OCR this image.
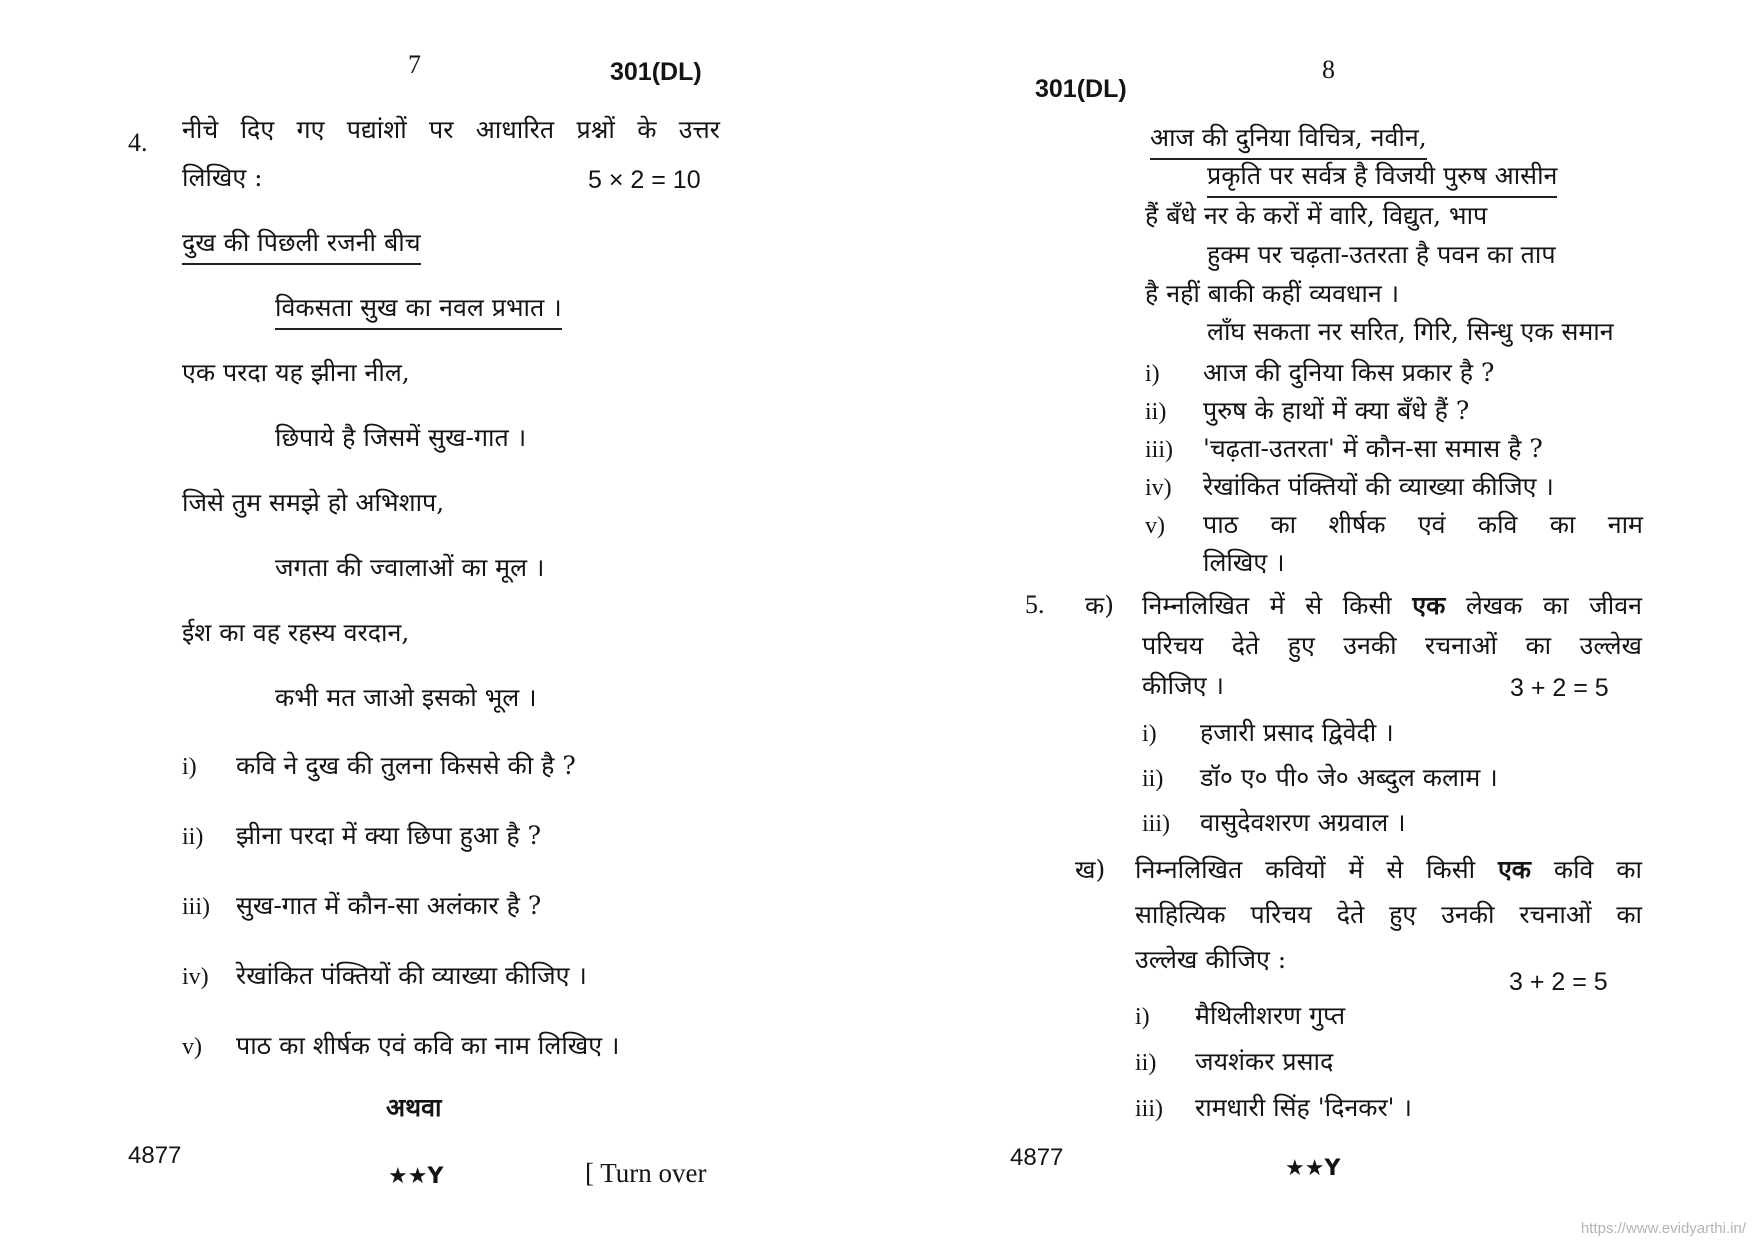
7	301(DL)
4. नीचे दिए गए पद्यांशों पर आधारित प्रश्नों के उत्तर
लिखिए :	5 × 2 = 10
दुख की पिछली रजनी बीच
विकसता सुख का नवल प्रभात ।
एक परदा यह झीना नील,
छिपाये है जिसमें सुख-गात ।
जिसे तुम समझे हो अभिशाप,
जगता की ज्वालाओं का मूल ।
ईश का वह रहस्य वरदान,
कभी मत जाओ इसको भूल ।
i)	कवि ने दुख की तुलना किससे की है ?
ii)	झीना परदा में क्या छिपा हुआ है ?
iii)	सुख-गात में कौन-सा अलंकार है ?
iv)	रेखांकित पंक्तियों की व्याख्या कीजिए ।
v)	पाठ का शीर्षक एवं कवि का नाम लिखिए ।
अथवा
4877
★★Y	[ Turn over
301(DL)
8
आज की दुनिया विचित्र, नवीन,
प्रकृति पर सर्वत्र है विजयी पुरुष आसीन
हैं बँधे नर के करों में वारि, विद्युत, भाप
हुक्म पर चढ़ता-उतरता है पवन का ताप
है नहीं बाकी कहीं व्यवधान ।
लाँघ सकता नर सरित, गिरि, सिन्धु एक समान
i)	आज की दुनिया किस प्रकार है ?
ii)	पुरुष के हाथों में क्या बँधे हैं ?
iii)	'चढ़ता-उतरता' में कौन-सा समास है ?
iv)	रेखांकित पंक्तियों की व्याख्या कीजिए ।
v)	पाठ का शीर्षक एवं कवि का नाम
लिखिए ।
5. क) निम्नलिखित में से किसी एक लेखक का जीवन
परिचय देते हुए उनकी रचनाओं का उल्लेख
कीजिए ।	3 + 2 = 5
i)	हजारी प्रसाद द्विवेदी ।
ii)	डॉ० ए० पी० जे० अब्दुल कलाम ।
iii)	वासुदेवशरण अग्रवाल ।
ख) निम्नलिखित कवियों में से किसी एक कवि का
साहित्यिक परिचय देते हुए उनकी रचनाओं का
उल्लेख कीजिए :
3 + 2 = 5
i)	मैथिलीशरण गुप्त
ii)	जयशंकर प्रसाद
iii)	रामधारी सिंह 'दिनकर' ।
4877	★★Y
https://www.evidyarthi.in/
